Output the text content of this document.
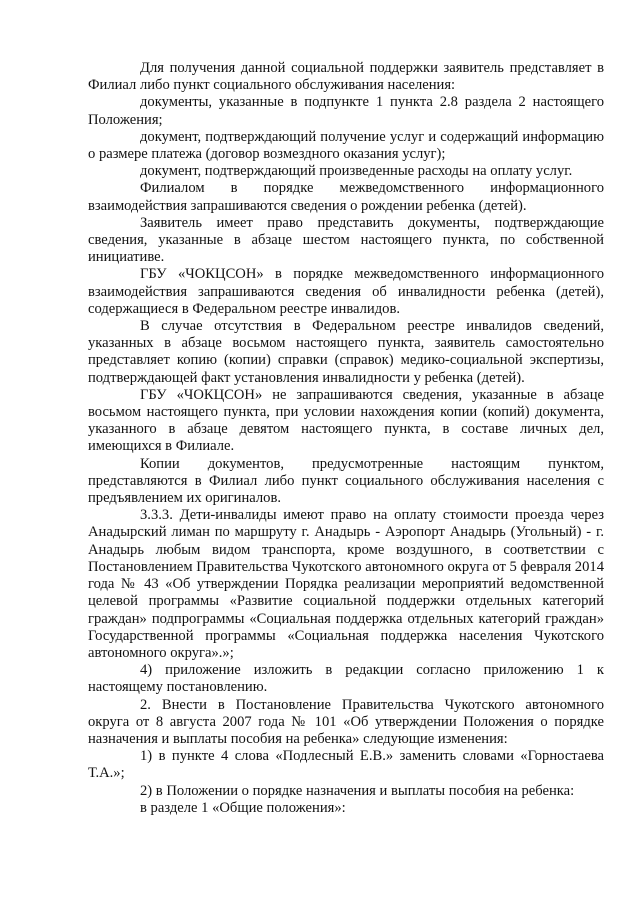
Для получения данной социальной поддержки заявитель представляет в Филиал либо пункт социального обслуживания населения:

документы, указанные в подпункте 1 пункта 2.8 раздела 2 настоящего Положения;

документ, подтверждающий получение услуг и содержащий информацию о размере платежа (договор возмездного оказания услуг);

документ, подтверждающий произведенные расходы на оплату услуг.

Филиалом в порядке межведомственного информационного взаимодействия запрашиваются сведения о рождении ребенка (детей).

Заявитель имеет право представить документы, подтверждающие сведения, указанные в абзаце шестом настоящего пункта, по собственной инициативе.

ГБУ «ЧОКЦСОН» в порядке межведомственного информационного взаимодействия запрашиваются сведения об инвалидности ребенка (детей), содержащиеся в Федеральном реестре инвалидов.

В случае отсутствия в Федеральном реестре инвалидов сведений, указанных в абзаце восьмом настоящего пункта, заявитель самостоятельно представляет копию (копии) справки (справок) медико-социальной экспертизы, подтверждающей факт установления инвалидности у ребенка (детей).

ГБУ «ЧОКЦСОН» не запрашиваются сведения, указанные в абзаце восьмом настоящего пункта, при условии нахождения копии (копий) документа, указанного в абзаце девятом настоящего пункта, в составе личных дел, имеющихся в Филиале.

Копии документов, предусмотренные настоящим пунктом, представляются в Филиал либо пункт социального обслуживания населения с предъявлением их оригиналов.

3.3.3. Дети-инвалиды имеют право на оплату стоимости проезда через Анадырский лиман по маршруту г. Анадырь - Аэропорт Анадырь (Угольный) - г. Анадырь любым видом транспорта, кроме воздушного, в соответствии с Постановлением Правительства Чукотского автономного округа от 5 февраля 2014 года № 43 «Об утверждении Порядка реализации мероприятий ведомственной целевой программы «Развитие социальной поддержки отдельных категорий граждан» подпрограммы «Социальная поддержка отдельных категорий граждан» Государственной программы «Социальная поддержка населения Чукотского автономного округа».»;

4) приложение изложить в редакции согласно приложению 1 к настоящему постановлению.

2. Внести в Постановление Правительства Чукотского автономного округа от 8 августа 2007 года № 101 «Об утверждении Положения о порядке назначения и выплаты пособия на ребенка» следующие изменения:

1) в пункте 4 слова «Подлесный Е.В.» заменить словами «Горностаева Т.А.»;

2) в Положении о порядке назначения и выплаты пособия на ребенка:

в разделе 1 «Общие положения»:
